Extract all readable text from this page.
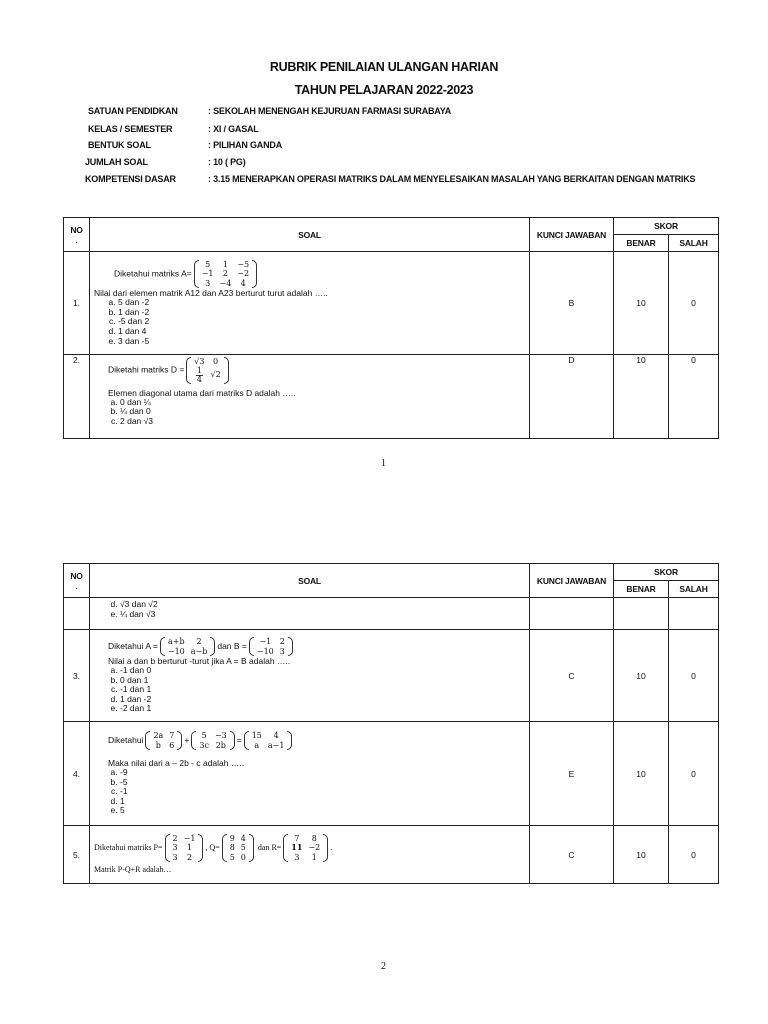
RUBRIK PENILAIAN ULANGAN HARIAN
TAHUN PELAJARAN 2022-2023
SATUAN PENDIDKAN	: SEKOLAH MENENGAH KEJURUAN FARMASI SURABAYA
KELAS / SEMESTER	: XI / GASAL
BENTUK SOAL	: PILIHAN GANDA
JUMLAH SOAL	: 10 ( PG)
KOMPETENSI DASAR	: 3.15 MENERAPKAN OPERASI MATRIKS DALAM MENYELESAIKAN MASALAH YANG BERKAITAN DENGAN MATRIKS
NO
.	SOAL	KUNCI JAWABAN	SKOR
BENAR	SALAH
1.	
Diketahui matriks A=
5	1	−5
−1	2	−2
3	−4	4
Nilai dari elemen matrik A12 dan A23 berturut turut adalah …..
a. 5 dan -2
b. 1 dan -2
c. -5 dan 2
d. 1 dan 4
e. 3 dan -5
	B	10	0
2.	
Diketahi matriks D =
√3	0

$\frac{1}{4}$	√2
Elemen diagonal utama dari matriks D adalah …..
a. 0 dan ¼
b. ¼ dan 0
c. 2 dan √3
	D	10	0
1
NO
.	SOAL	KUNCI JAWABAN	SKOR
BENAR	SALAH

d. √3 dan √2
e. ¼ dan √3

3.	
Diketahui A = a+b	2
−10	a−b
dan B = −1	2
−10	3
Nilai a dan b berturut -turut jika A = B adalah …..
a. -1 dan 0
b. 0 dan 1
c. -1 dan 1
d. 1 dan -2
e. -2 dan 1
	C	10	0
4.	
Diketahui 2a	7
b	6
+ 5	−3
3c	2b
= 15	4
a	a−1
Maka nilai dari a – 2b - c adalah …..
a. -9
b. -5
c. -1
d. 1
e. 5
	E	10	0
5.	
Diketahui matriks P=
2	−1
3	1
3	2
, Q=
9	4
8	5
5	0
dan R=
7	8
11	−2
3	1
.
Matrik P-Q+R adalah…
	C	10	0
2
